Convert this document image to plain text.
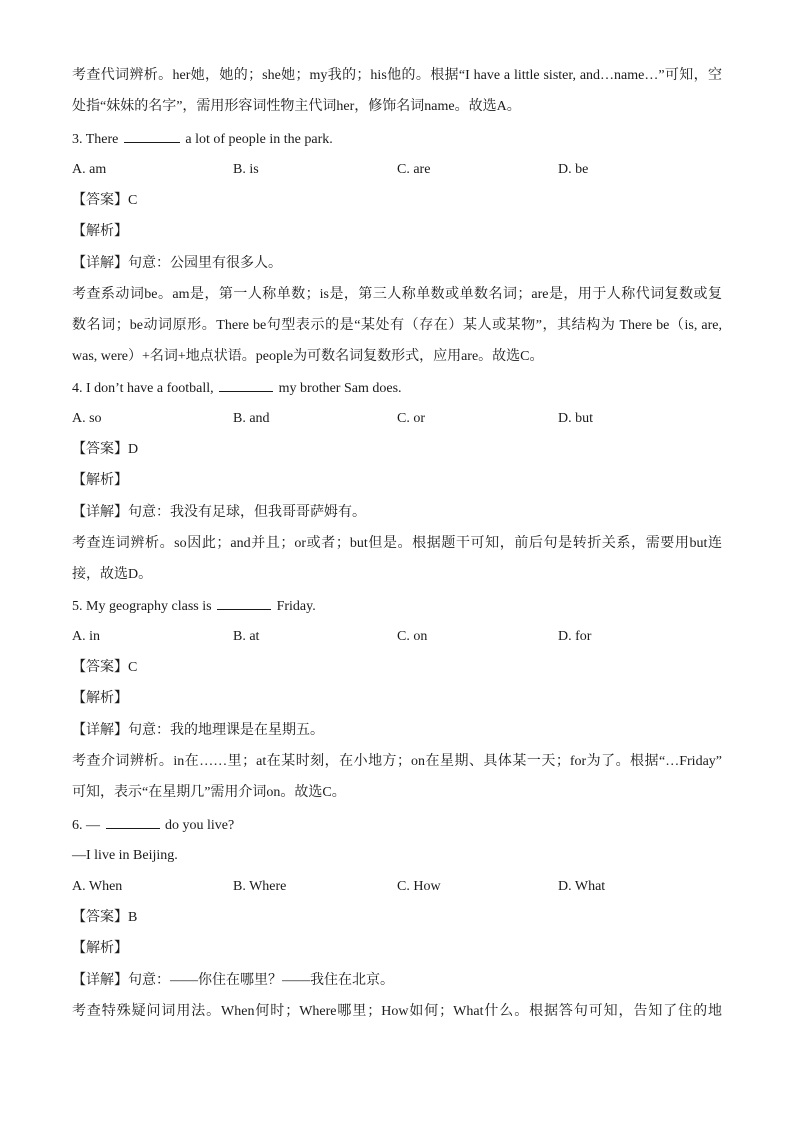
考查代词辨析。her她，她的；she她；my我的；his他的。根据“I have a little sister, and…name…”可知，空
处指“妹妹的名字”，需用形容词性物主代词her，修饰名词name。故选A。
3. There	a lot of people in the park.
A. am	B. is	C. are	D. be
【答案】C
【解析】
【详解】句意：公园里有很多人。
考查系动词be。am是，第一人称单数；is是，第三人称单数或单数名词；are是，用于人称代词复数或复
数名词；be动词原形。There be句型表示的是“某处有（存在）某人或某物”，其结构为 There be（is, are,
was, were）+名词+地点状语。people为可数名词复数形式，应用are。故选C。
4. I don’t have a football,	my brother Sam does.
A. so	B. and	C. or	D. but
【答案】D
【解析】
【详解】句意：我没有足球，但我哥哥萨姆有。
考查连词辨析。so因此；and并且；or或者；but但是。根据题干可知，前后句是转折关系，需要用but连
接，故选D。
5. My geography class is	Friday.
A. in	B. at	C. on	D. for
【答案】C
【解析】
【详解】句意：我的地理课是在星期五。
考查介词辨析。in在……里；at在某时刻，在小地方；on在星期、具体某一天；for为了。根据“…Friday”
可知，表示“在星期几”需用介词on。故选C。
6. —	do you live?
—I live in Beijing.
A. When	B. Where	C. How	D. What
【答案】B
【解析】
【详解】句意：——你住在哪里？——我住在北京。
考查特殊疑问词用法。When何时；Where哪里；How如何；What什么。根据答句可知，告知了住的地
